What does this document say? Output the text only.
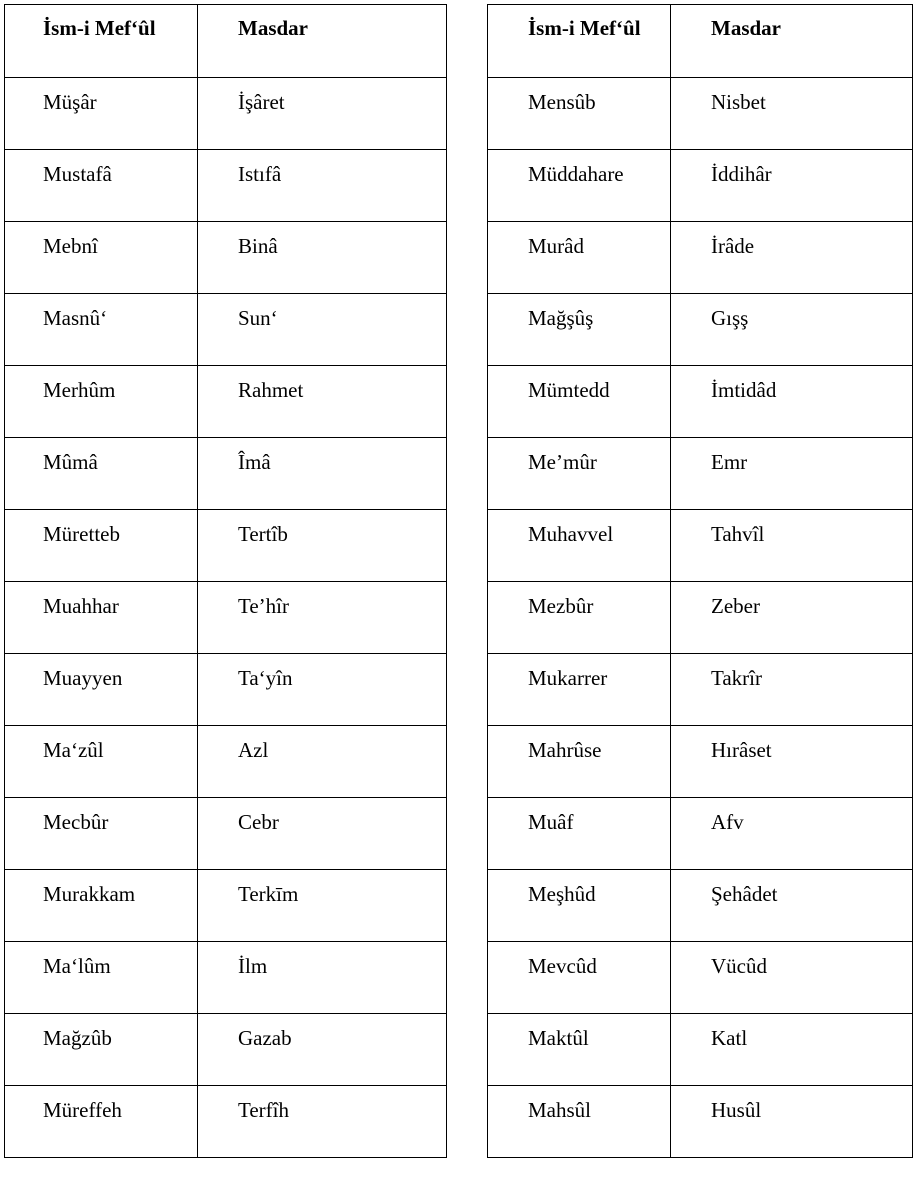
İsm-i Mef‘ûl	Masdar

Müşâr	İşâret

Mustafâ	Istıfâ

Mebnî	Binâ

Masnû‘	Sun‘

Merhûm	Rahmet

Mûmâ	Îmâ

Müretteb	Tertîb

Muahhar	Te’hîr

Muayyen	Ta‘yîn

Ma‘zûl	Azl

Mecbûr	Cebr

Murakkam	Terkīm

Ma‘lûm	İlm

Mağzûb	Gazab

Müreffeh	Terfîh
İsm-i Mef‘ûl	Masdar

Mensûb	Nisbet

Müddahare	İddihâr

Murâd	İrâde

Mağşûş	Gışş

Mümtedd	İmtidâd

Me’mûr	Emr

Muhavvel	Tahvîl

Mezbûr	Zeber

Mukarrer	Takrîr

Mahrûse	Hırâset

Muâf	Afv

Meşhûd	Şehâdet

Mevcûd	Vücûd

Maktûl	Katl

Mahsûl	Husûl
